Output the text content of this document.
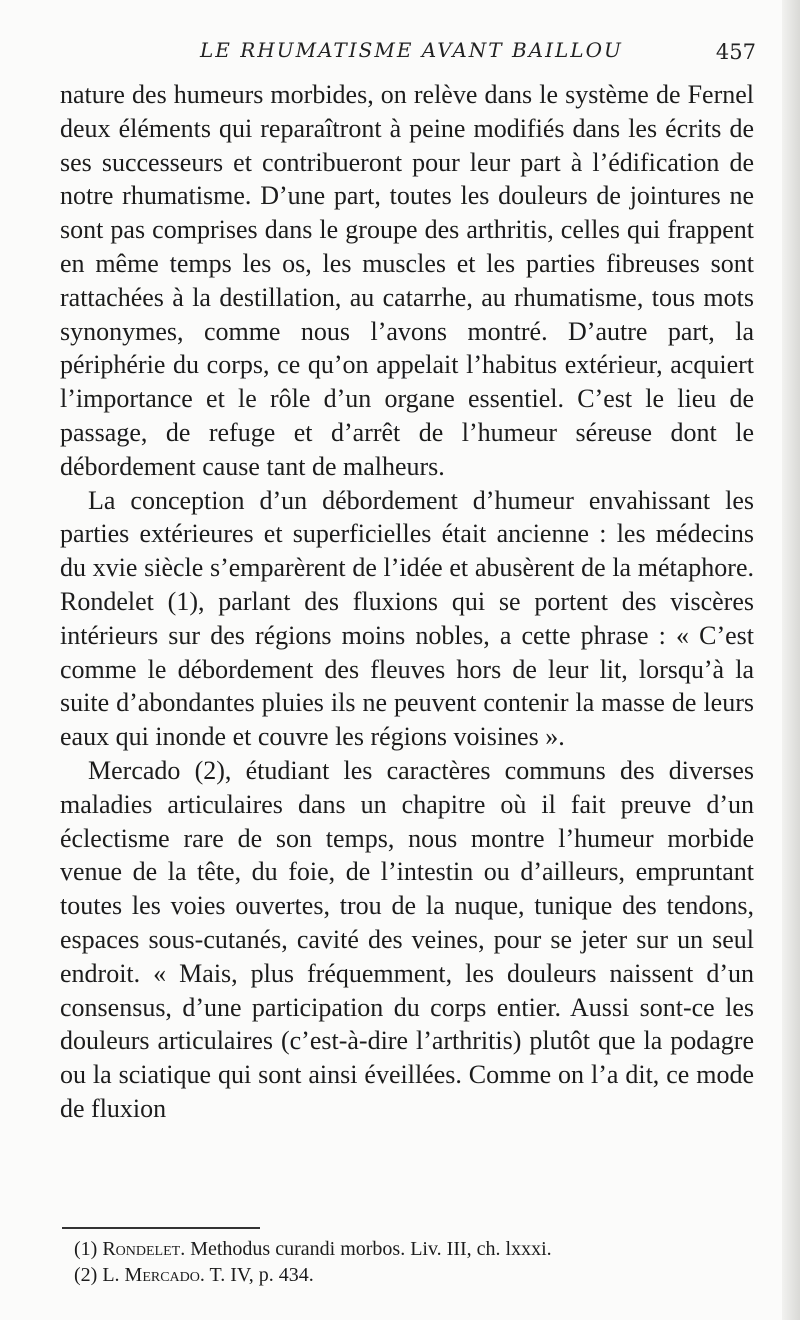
LE RHUMATISME AVANT BAILLOU	457

nature des humeurs morbides, on relève dans le système de Fernel deux éléments qui reparaîtront à peine modifiés dans les écrits de ses successeurs et contribueront pour leur part à l’édification de notre rhumatisme. D’une part, toutes les douleurs de jointures ne sont pas comprises dans le groupe des arthritis, celles qui frappent en même temps les os, les muscles et les parties fibreuses sont rattachées à la destillation, au catarrhe, au rhumatisme, tous mots synonymes, comme nous l’avons montré. D’autre part, la périphérie du corps, ce qu’on appelait l’habitus extérieur, acquiert l’importance et le rôle d’un organe essentiel. C’est le lieu de passage, de refuge et d’arrêt de l’humeur séreuse dont le débordement cause tant de malheurs.

La conception d’un débordement d’humeur envahissant les parties extérieures et superficielles était ancienne : les médecins du xvie siècle s’emparèrent de l’idée et abusèrent de la métaphore. Rondelet (1), parlant des fluxions qui se portent des viscères intérieurs sur des régions moins nobles, a cette phrase : « C’est comme le débordement des fleuves hors de leur lit, lorsqu’à la suite d’abondantes pluies ils ne peuvent contenir la masse de leurs eaux qui inonde et couvre les régions voisines ».

Mercado (2), étudiant les caractères communs des diverses maladies articulaires dans un chapitre où il fait preuve d’un éclectisme rare de son temps, nous montre l’humeur morbide venue de la tête, du foie, de l’intestin ou d’ailleurs, empruntant toutes les voies ouvertes, trou de la nuque, tunique des tendons, espaces sous-cutanés, cavité des veines, pour se jeter sur un seul endroit. « Mais, plus fréquemment, les douleurs naissent d’un consensus, d’une participation du corps entier. Aussi sont-ce les douleurs articulaires (c’est-à-dire l’arthritis) plutôt que la podagre ou la sciatique qui sont ainsi éveillées. Comme on l’a dit, ce mode de fluxion

(1) Rondelet. Methodus curandi morbos. Liv. III, ch. lxxxi.

(2) L. Mercado. T. IV, p. 434.
